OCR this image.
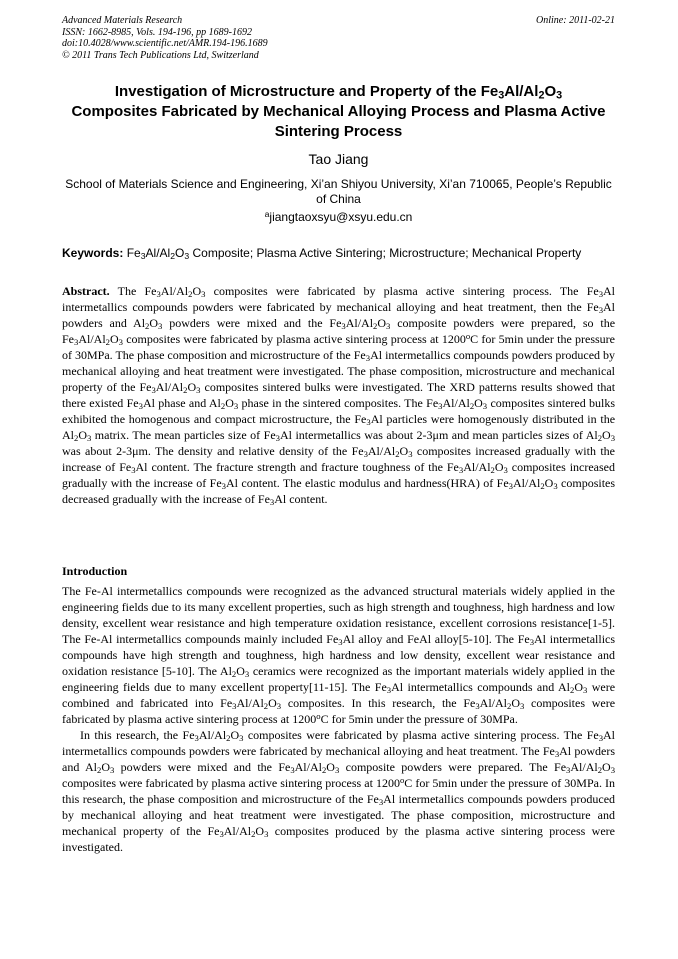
Advanced Materials Research
ISSN: 1662-8985, Vols. 194-196, pp 1689-1692
doi:10.4028/www.scientific.net/AMR.194-196.1689
© 2011 Trans Tech Publications Ltd, Switzerland
Online: 2011-02-21
Investigation of Microstructure and Property of the $Fe_3Al/Al_2O_3$
Composites Fabricated by Mechanical Alloying Process and Plasma Active Sintering Process
Tao Jiang
School of Materials Science and Engineering, Xi’an Shiyou University, Xi’an 710065, People’s Republic of China
$^a$jiangtaoxsyu@xsyu.edu.cn
Keywords: $Fe_3Al/Al_2O_3$ Composite; Plasma Active Sintering; Microstructure; Mechanical Property
Abstract. The $Fe_3Al/Al_2O_3$ composites were fabricated by plasma active sintering process. The $Fe_3Al$ intermetallics compounds powders were fabricated by mechanical alloying and heat treatment, then the $Fe_3Al$ powders and $Al_2O_3$ powders were mixed and the $Fe_3Al/Al_2O_3$ composite powders were prepared, so the $Fe_3Al/Al_2O_3$ composites were fabricated by plasma active sintering process at 1200$^o$C for 5min under the pressure of 30MPa. The phase composition and microstructure of the $Fe_3Al$ intermetallics compounds powders produced by mechanical alloying and heat treatment were investigated. The phase composition, microstructure and mechanical property of the $Fe_3Al/Al_2O_3$ composites sintered bulks were investigated. The XRD patterns results showed that there existed $Fe_3Al$ phase and $Al_2O_3$ phase in the sintered composites. The $Fe_3Al/Al_2O_3$ composites sintered bulks exhibited the homogenous and compact microstructure, the $Fe_3Al$ particles were homogenously distributed in the $Al_2O_3$ matrix. The mean particles size of $Fe_3Al$ intermetallics was about 2-3μm and mean particles sizes of $Al_2O_3$ was about 2-3μm. The density and relative density of the $Fe_3Al/Al_2O_3$ composites increased gradually with the increase of $Fe_3Al$ content. The fracture strength and fracture toughness of the $Fe_3Al/Al_2O_3$ composites increased gradually with the increase of $Fe_3Al$ content. The elastic modulus and hardness(HRA) of $Fe_3Al/Al_2O_3$ composites decreased gradually with the increase of $Fe_3Al$ content.
Introduction

The Fe-Al intermetallics compounds were recognized as the advanced structural materials widely applied in the engineering fields due to its many excellent properties, such as high strength and toughness, high hardness and low density, excellent wear resistance and high temperature oxidation resistance, excellent corrosions resistance[1-5]. The Fe-Al intermetallics compounds mainly included $Fe_3Al$ alloy and FeAl alloy[5-10]. The $Fe_3Al$ intermetallics compounds have high strength and toughness, high hardness and low density, excellent wear resistance and oxidation resistance [5-10]. The $Al_2O_3$ ceramics were recognized as the important materials widely applied in the engineering fields due to many excellent property[11-15]. The $Fe_3Al$ intermetallics compounds and $Al_2O_3$ were combined and fabricated into $Fe_3Al/Al_2O_3$ composites. In this research, the $Fe_3Al/Al_2O_3$ composites were fabricated by plasma active sintering process at 1200$^o$C for 5min under the pressure of 30MPa.

In this research, the $Fe_3Al/Al_2O_3$ composites were fabricated by plasma active sintering process. The $Fe_3Al$ intermetallics compounds powders were fabricated by mechanical alloying and heat treatment. The $Fe_3Al$ powders and $Al_2O_3$ powders were mixed and the $Fe_3Al/Al_2O_3$ composite powders were prepared. The $Fe_3Al/Al_2O_3$ composites were fabricated by plasma active sintering process at 1200$^o$C for 5min under the pressure of 30MPa. In this research, the phase composition and microstructure of the $Fe_3Al$ intermetallics compounds powders produced by mechanical alloying and heat treatment were investigated. The phase composition, microstructure and mechanical property of the $Fe_3Al/Al_2O_3$ composites produced by the plasma active sintering process were investigated.
